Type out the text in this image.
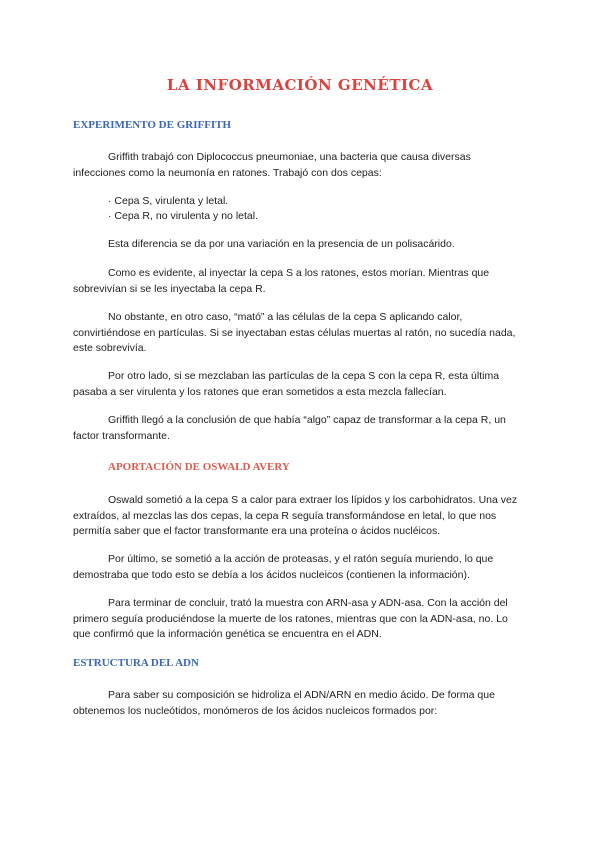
LA INFORMACIÓN GENÉTICA
EXPERIMENTO DE GRIFFITH

Griffith trabajó con Diplococcus pneumoniae, una bacteria que causa diversas infecciones como la neumonía en ratones. Trabajó con dos cepas:

· Cepa S, virulenta y letal.
· Cepa R, no virulenta y no letal.

Esta diferencia se da por una variación en la presencia de un polisacárido.

Como es evidente, al inyectar la cepa S a los ratones, estos morían. Mientras que sobrevivían si se les inyectaba la cepa R.

No obstante, en otro caso, “mató” a las células de la cepa S aplicando calor, convirtiéndose en partículas. Si se inyectaban estas células muertas al ratón, no sucedía nada, este sobrevivía.

Por otro lado, si se mezclaban las partículas de la cepa S con la cepa R, esta última pasaba a ser virulenta y los ratones que eran sometidos a esta mezcla fallecían.

Griffith llegó a la conclusión de que había “algo” capaz de transformar a la cepa R, un factor transformante.

APORTACIÓN DE OSWALD AVERY

Oswald sometió a la cepa S a calor para extraer los lípidos y los carbohidratos. Una vez extraídos, al mezclas las dos cepas, la cepa R seguía transformándose en letal, lo que nos permitía saber que el factor transformante era una proteína o ácidos nucléicos.

Por último, se sometió a la acción de proteasas, y el ratón seguía muriendo, lo que demostraba que todo esto se debía a los ácidos nucleicos (contienen la información).

Para terminar de concluir, trató la muestra con ARN-asa y ADN-asa. Con la acción del primero seguía produciéndose la muerte de los ratones, mientras que con la ADN-asa, no. Lo que confirmó que la información genética se encuentra en el ADN.

ESTRUCTURA DEL ADN

Para saber su composición se hidroliza el ADN/ARN en medio ácido. De forma que obtenemos los nucleótidos, monómeros de los ácidos nucleicos formados por:
